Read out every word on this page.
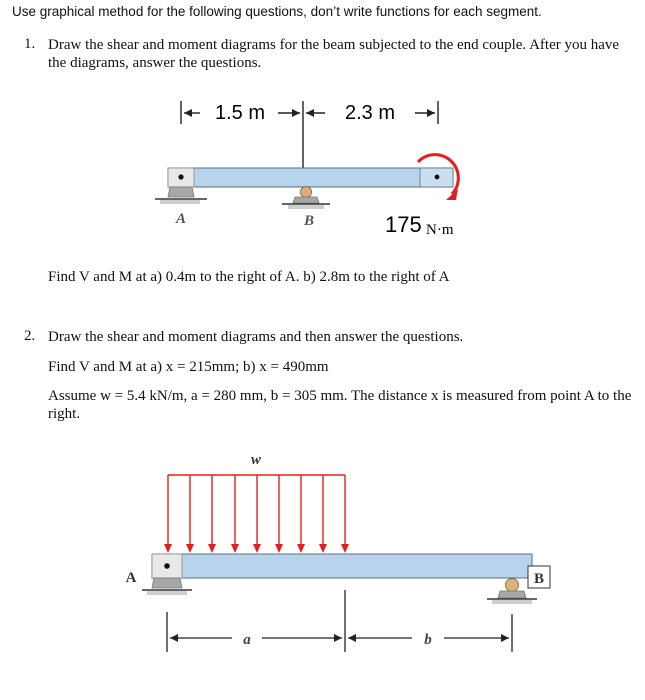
Use graphical method for the following questions, don’t write functions for each segment.
1. Draw the shear and moment diagrams for the beam subjected to the end couple. After you have the diagrams, answer the questions.
1.5 m	2.3 m
A	B	175 N·m
Find V and M at a) 0.4m to the right of A. b) 2.8m to the right of A
2. Draw the shear and moment diagrams and then answer the questions.
Find V and M at a) x = 215mm; b) x = 490mm
Assume w = 5.4 kN/m, a = 280 mm, b = 305 mm. The distance x is measured from point A to the right.
w
A	B
a	b
